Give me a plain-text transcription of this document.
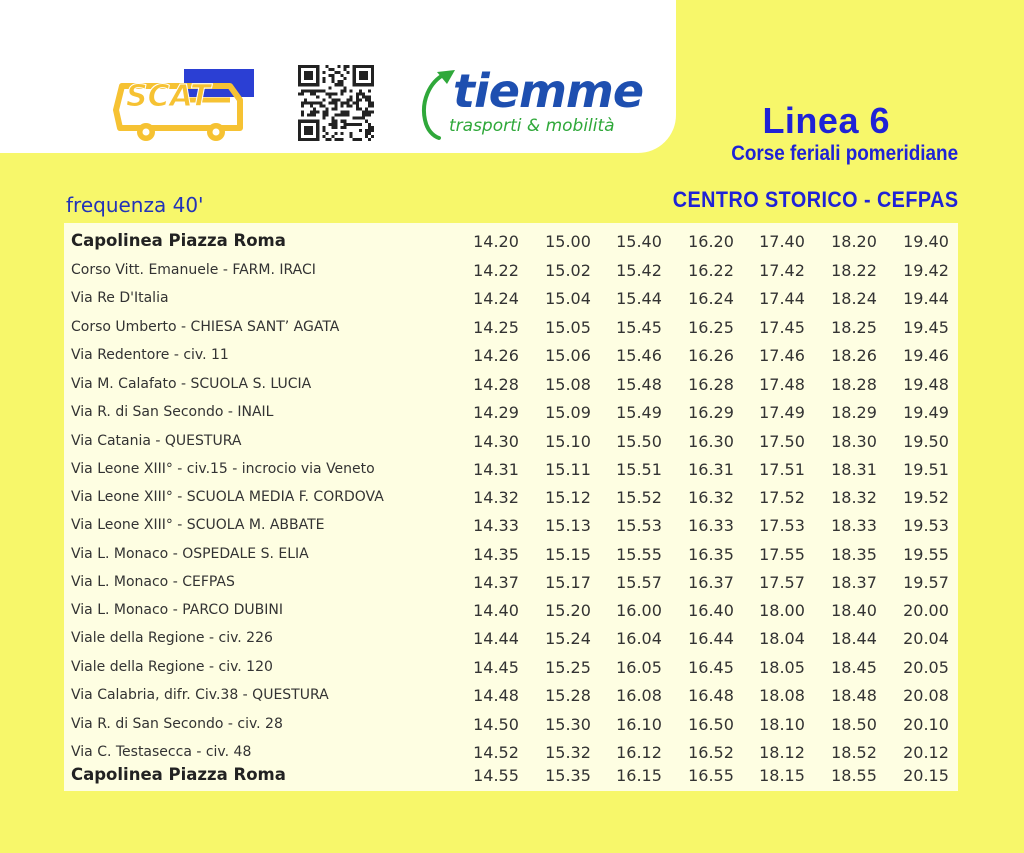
SCAT	tiemme
trasporti & mobilità	Linea 6
Corse feriali pomeridiane
frequenza 40'	CENTRO STORICO - CEFPAS
Capolinea Piazza Roma	14.20	15.00	15.40	16.20	17.40	18.20	19.40
Corso Vitt. Emanuele - FARM. IRACI	14.22	15.02	15.42	16.22	17.42	18.22	19.42
Via Re D'Italia	14.24	15.04	15.44	16.24	17.44	18.24	19.44
Corso Umberto - CHIESA SANT’ AGATA	14.25	15.05	15.45	16.25	17.45	18.25	19.45
Via Redentore - civ. 11	14.26	15.06	15.46	16.26	17.46	18.26	19.46
Via M. Calafato - SCUOLA S. LUCIA	14.28	15.08	15.48	16.28	17.48	18.28	19.48
Via R. di San Secondo - INAIL	14.29	15.09	15.49	16.29	17.49	18.29	19.49
Via Catania - QUESTURA	14.30	15.10	15.50	16.30	17.50	18.30	19.50
Via Leone XIII° - civ.15 - incrocio via Veneto	14.31	15.11	15.51	16.31	17.51	18.31	19.51
Via Leone XIII° - SCUOLA MEDIA F. CORDOVA	14.32	15.12	15.52	16.32	17.52	18.32	19.52
Via Leone XIII° - SCUOLA M. ABBATE	14.33	15.13	15.53	16.33	17.53	18.33	19.53
Via L. Monaco - OSPEDALE S. ELIA	14.35	15.15	15.55	16.35	17.55	18.35	19.55
Via L. Monaco - CEFPAS	14.37	15.17	15.57	16.37	17.57	18.37	19.57
Via L. Monaco - PARCO DUBINI	14.40	15.20	16.00	16.40	18.00	18.40	20.00
Viale della Regione - civ. 226	14.44	15.24	16.04	16.44	18.04	18.44	20.04
Viale della Regione - civ. 120	14.45	15.25	16.05	16.45	18.05	18.45	20.05
Via Calabria, difr. Civ.38 - QUESTURA	14.48	15.28	16.08	16.48	18.08	18.48	20.08
Via R. di San Secondo - civ. 28	14.50	15.30	16.10	16.50	18.10	18.50	20.10
Via C. Testasecca - civ. 48	14.52	15.32	16.12	16.52	18.12	18.52	20.12
Capolinea Piazza Roma	14.55	15.35	16.15	16.55	18.15	18.55	20.15
